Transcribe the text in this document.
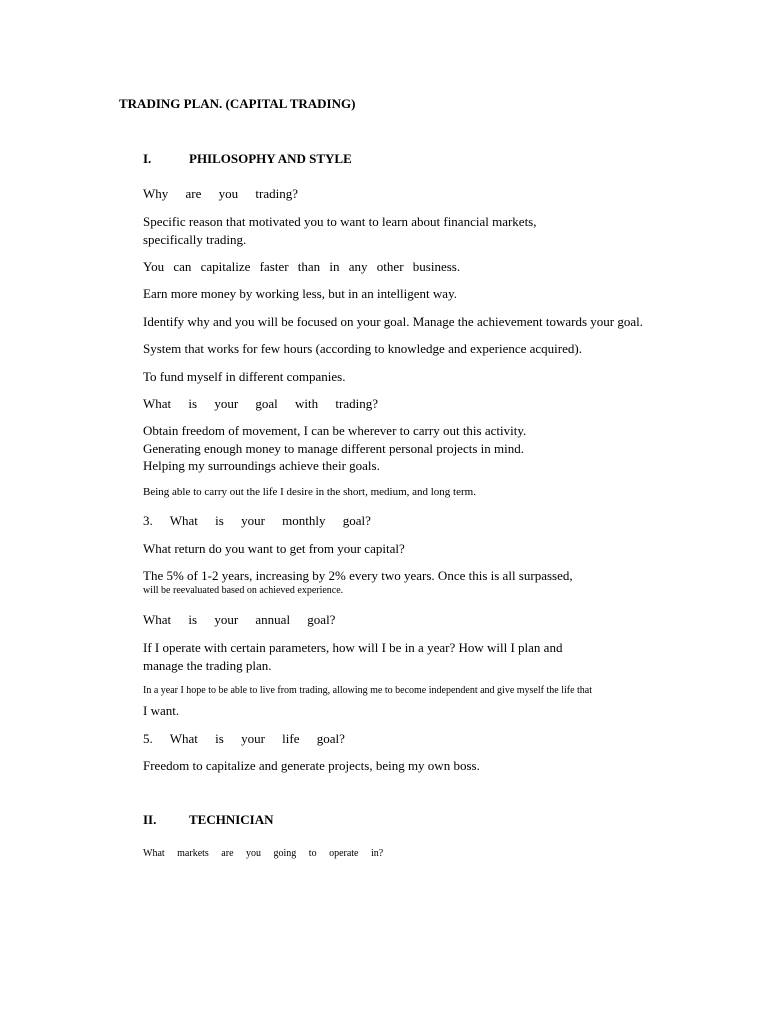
TRADING PLAN. (CAPITAL TRADING)

I.	PHILOSOPHY AND STYLE

Why are you trading?

Specific reason that motivated you to want to learn about financial markets,

specifically trading.

You can capitalize faster than in any other business.

Earn more money by working less, but in an intelligent way.

Identify why and you will be focused on your goal. Manage the achievement towards your goal.

System that works for few hours (according to knowledge and experience acquired).

To fund myself in different companies.

What is your goal with trading?

Obtain freedom of movement, I can be wherever to carry out this activity.

Generating enough money to manage different personal projects in mind.

Helping my surroundings achieve their goals.

Being able to carry out the life I desire in the short, medium, and long term.

3. What is your monthly goal?

What return do you want to get from your capital?

The 5% of 1-2 years, increasing by 2% every two years. Once this is all surpassed,

will be reevaluated based on achieved experience.

What is your annual goal?

If I operate with certain parameters, how will I be in a year? How will I plan and

manage the trading plan.

In a year I hope to be able to live from trading, allowing me to become independent and give myself the life that

I want.

5. What is your life goal?

Freedom to capitalize and generate projects, being my own boss.

II.	TECHNICIAN

What markets are you going to operate in?
